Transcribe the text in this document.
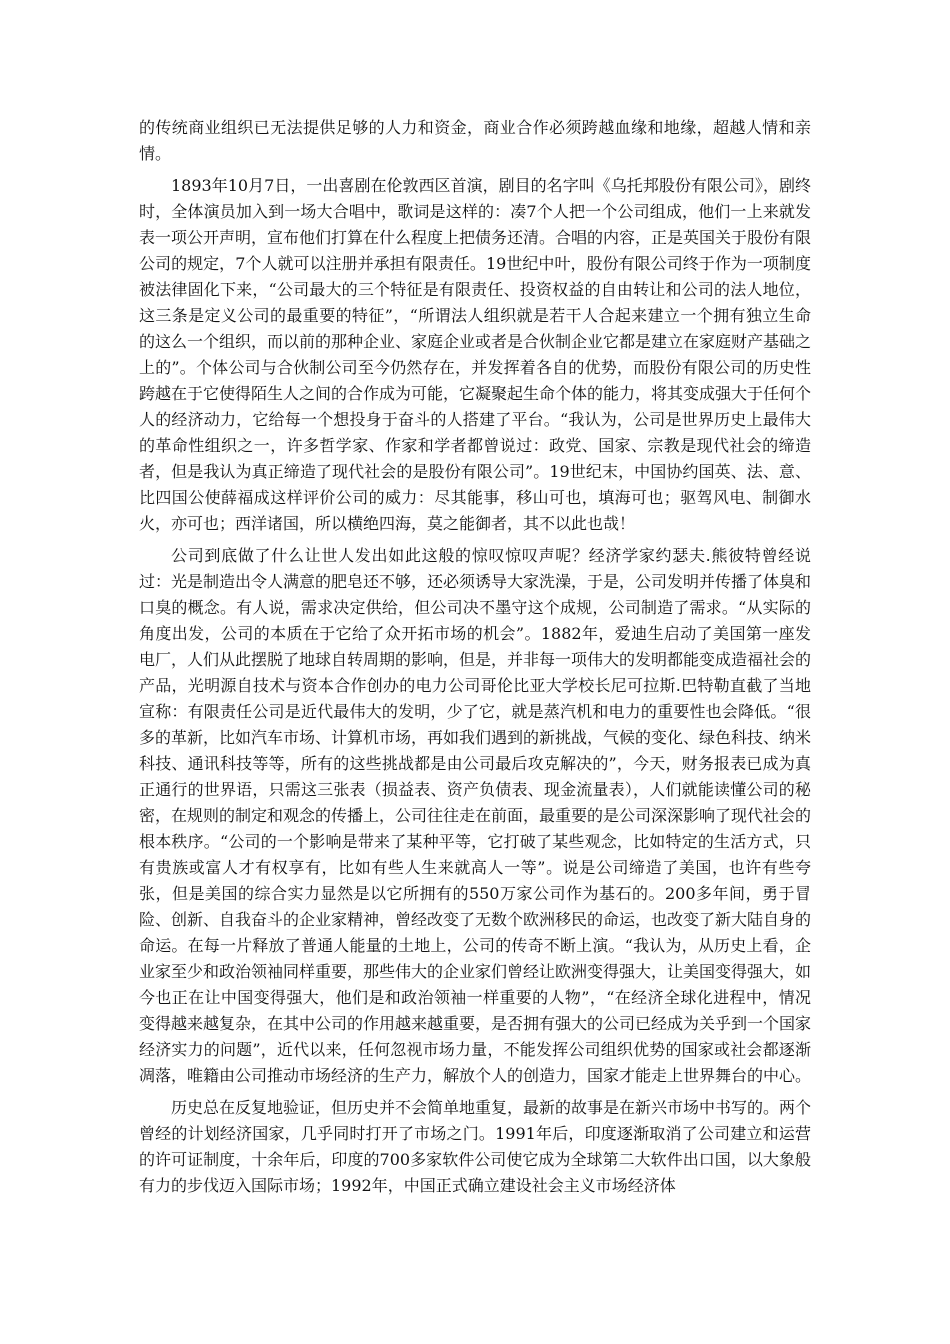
的传统商业组织已无法提供足够的人力和资金，商业合作必须跨越血缘和地缘，超越人情和亲情。

1893年10月7日，一出喜剧在伦敦西区首演，剧目的名字叫《乌托邦股份有限公司》，剧终时，全体演员加入到一场大合唱中，歌词是这样的：凑7个人把一个公司组成，他们一上来就发表一项公开声明，宣布他们打算在什么程度上把债务还清。合唱的内容，正是英国关于股份有限公司的规定，7个人就可以注册并承担有限责任。19世纪中叶，股份有限公司终于作为一项制度被法律固化下来，“公司最大的三个特征是有限责任、投资权益的自由转让和公司的法人地位，这三条是定义公司的最重要的特征”，“所谓法人组织就是若干人合起来建立一个拥有独立生命的这么一个组织，而以前的那种企业、家庭企业或者是合伙制企业它都是建立在家庭财产基础之上的”。个体公司与合伙制公司至今仍然存在，并发挥着各自的优势，而股份有限公司的历史性跨越在于它使得陌生人之间的合作成为可能，它凝聚起生命个体的能力，将其变成强大于任何个人的经济动力，它给每一个想投身于奋斗的人搭建了平台。“我认为，公司是世界历史上最伟大的革命性组织之一，许多哲学家、作家和学者都曾说过：政党、国家、宗教是现代社会的缔造者，但是我认为真正缔造了现代社会的是股份有限公司”。19世纪末，中国协约国英、法、意、比四国公使薛福成这样评价公司的威力：尽其能事，移山可也，填海可也；驱驾风电、制御水火，亦可也；西洋诸国，所以横绝四海，莫之能御者，其不以此也哉！

公司到底做了什么让世人发出如此这般的惊叹惊叹声呢？经济学家约瑟夫.熊彼特曾经说过：光是制造出令人满意的肥皂还不够，还必须诱导大家洗澡，于是，公司发明并传播了体臭和口臭的概念。有人说，需求决定供给，但公司决不墨守这个成规，公司制造了需求。“从实际的角度出发，公司的本质在于它给了众开拓市场的机会”。1882年，爱迪生启动了美国第一座发电厂，人们从此摆脱了地球自转周期的影响，但是，并非每一项伟大的发明都能变成造福社会的产品，光明源自技术与资本合作创办的电力公司哥伦比亚大学校长尼可拉斯.巴特勒直截了当地宣称：有限责任公司是近代最伟大的发明，少了它，就是蒸汽机和电力的重要性也会降低。“很多的革新，比如汽车市场、计算机市场，再如我们遇到的新挑战，气候的变化、绿色科技、纳米科技、通讯科技等等，所有的这些挑战都是由公司最后攻克解决的”，今天，财务报表已成为真正通行的世界语，只需这三张表（损益表、资产负债表、现金流量表），人们就能读懂公司的秘密，在规则的制定和观念的传播上，公司往往走在前面，最重要的是公司深深影响了现代社会的根本秩序。“公司的一个影响是带来了某种平等，它打破了某些观念，比如特定的生活方式，只有贵族或富人才有权享有，比如有些人生来就高人一等”。说是公司缔造了美国，也许有些夸张，但是美国的综合实力显然是以它所拥有的550万家公司作为基石的。200多年间，勇于冒险、创新、自我奋斗的企业家精神，曾经改变了无数个欧洲移民的命运，也改变了新大陆自身的命运。在每一片释放了普通人能量的土地上，公司的传奇不断上演。“我认为，从历史上看，企业家至少和政治领袖同样重要，那些伟大的企业家们曾经让欧洲变得强大，让美国变得强大，如今也正在让中国变得强大，他们是和政治领袖一样重要的人物”，“在经济全球化进程中，情况变得越来越复杂，在其中公司的作用越来越重要，是否拥有强大的公司已经成为关乎到一个国家经济实力的问题”，近代以来，任何忽视市场力量，不能发挥公司组织优势的国家或社会都逐渐凋落，唯籍由公司推动市场经济的生产力，解放个人的创造力，国家才能走上世界舞台的中心。

历史总在反复地验证，但历史并不会简单地重复，最新的故事是在新兴市场中书写的。两个曾经的计划经济国家，几乎同时打开了市场之门。1991年后，印度逐渐取消了公司建立和运营的许可证制度，十余年后，印度的700多家软件公司使它成为全球第二大软件出口国，以大象般有力的步伐迈入国际市场；1992年，中国正式确立建设社会主义市场经济体
